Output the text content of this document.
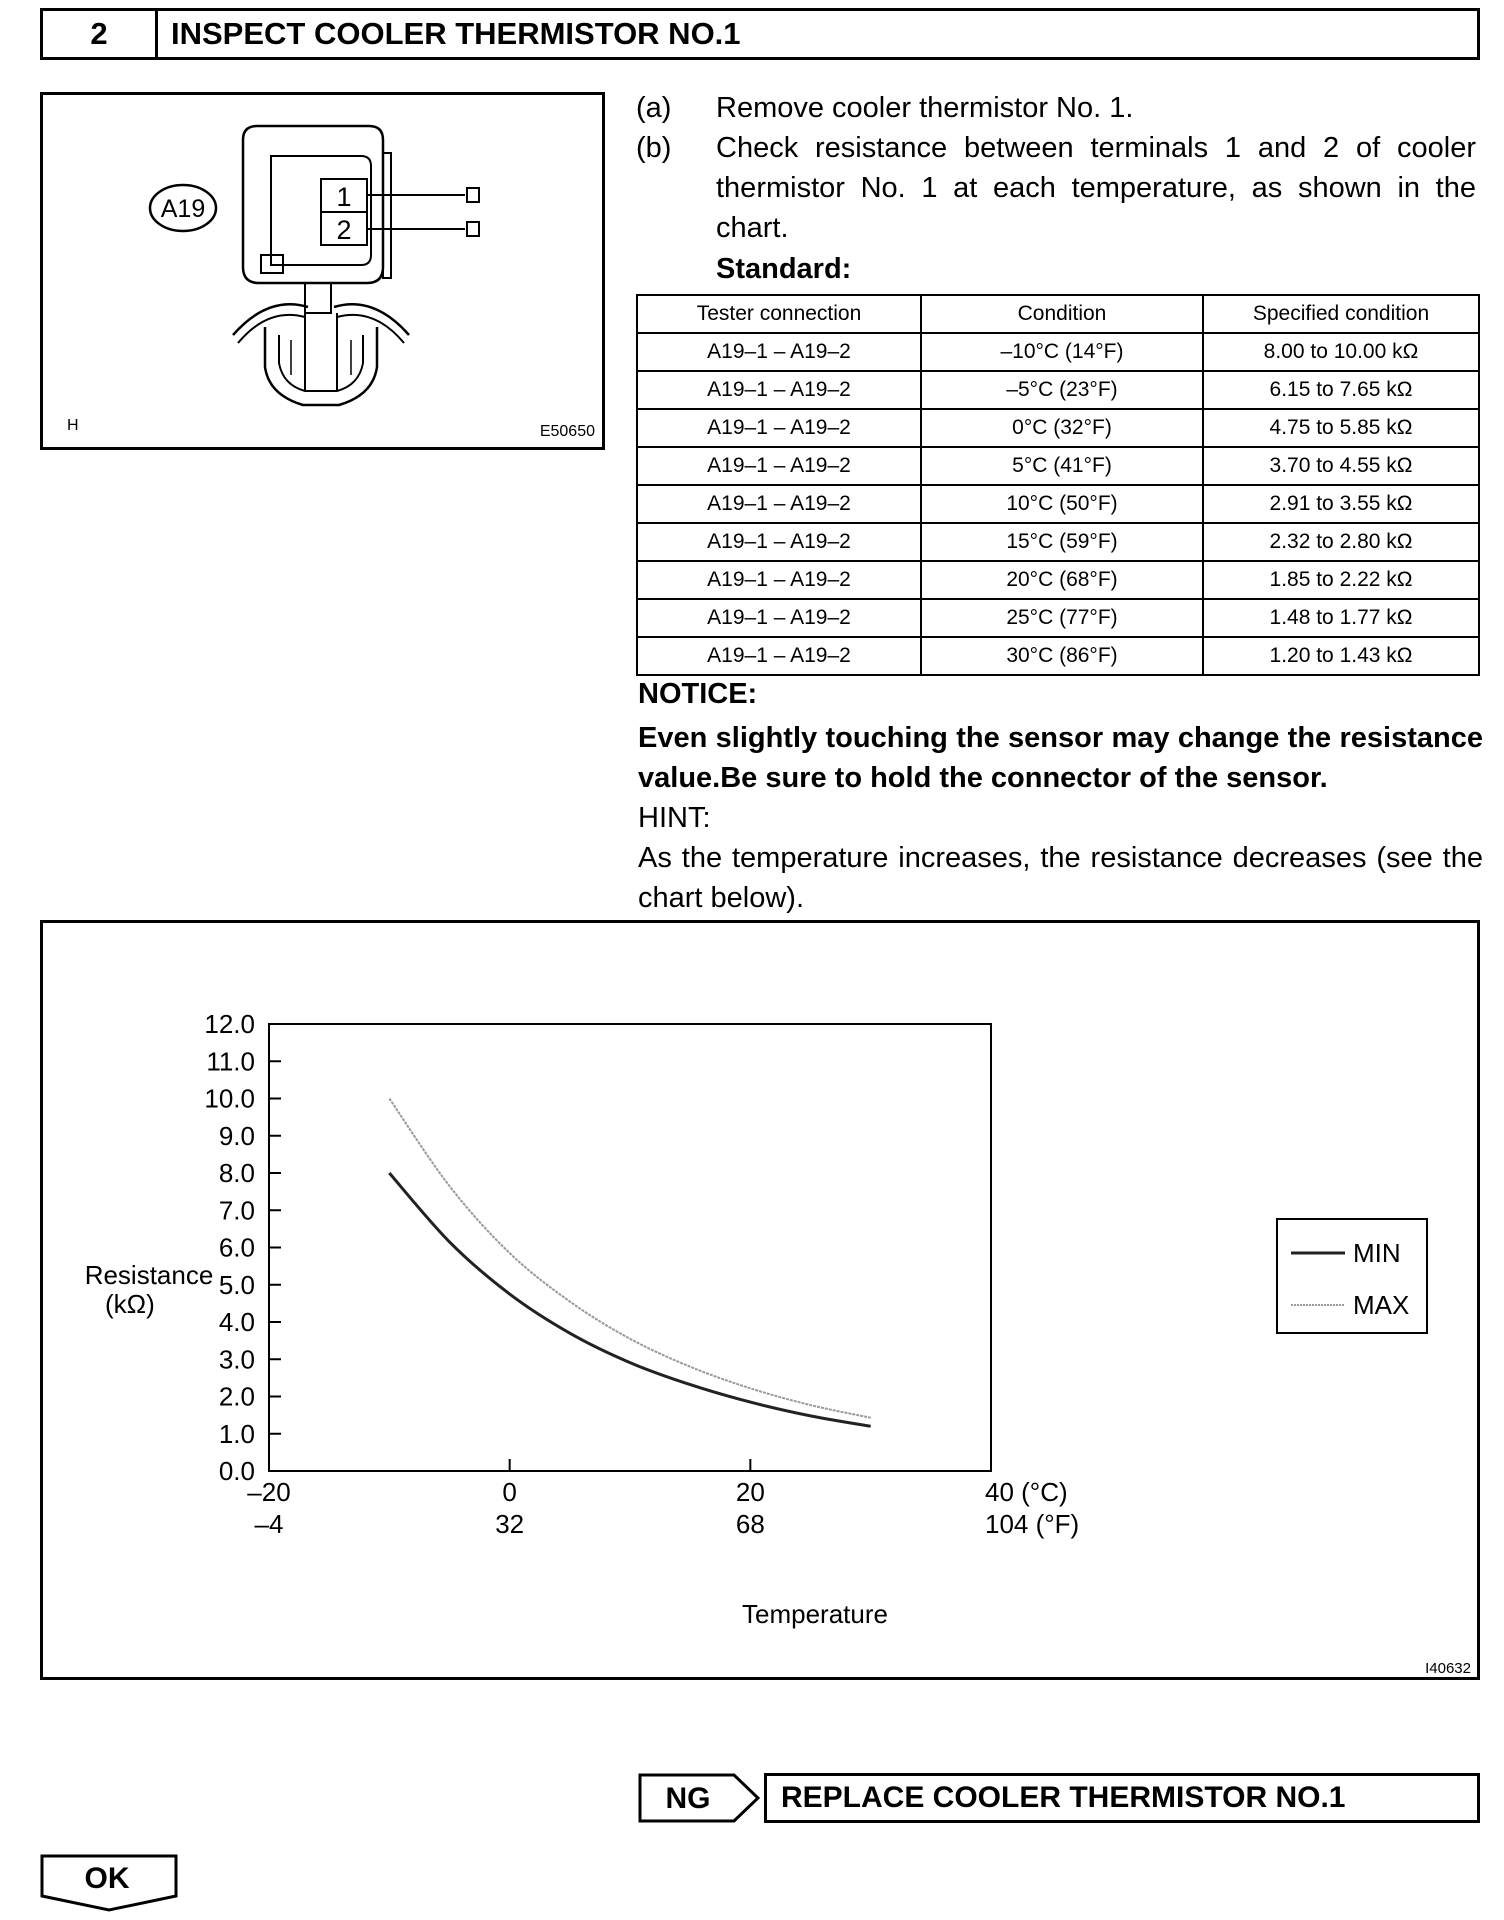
2	INSPECT COOLER THERMISTOR NO.1
A19	1
2
H	E50650
(a) Remove cooler thermistor No. 1.
(b) Check resistance between terminals 1 and 2 of cooler thermistor No. 1 at each temperature, as shown in the chart.
Standard:
Tester connection	Condition	Specified condition
A19–1 – A19–2	–10°C (14°F)	8.00 to 10.00 kΩ
A19–1 – A19–2	–5°C (23°F)	6.15 to 7.65 kΩ
A19–1 – A19–2	0°C (32°F)	4.75 to 5.85 kΩ
A19–1 – A19–2	5°C (41°F)	3.70 to 4.55 kΩ
A19–1 – A19–2	10°C (50°F)	2.91 to 3.55 kΩ
A19–1 – A19–2	15°C (59°F)	2.32 to 2.80 kΩ
A19–1 – A19–2	20°C (68°F)	1.85 to 2.22 kΩ
A19–1 – A19–2	25°C (77°F)	1.48 to 1.77 kΩ
A19–1 – A19–2	30°C (86°F)	1.20 to 1.43 kΩ
NOTICE:
Even slightly touching the sensor may change the resistance value.Be sure to hold the connector of the sensor.
HINT:
As the temperature increases, the resistance decreases (see the chart below).
0.0
1.0
2.0
3.0
4.0
5.0
6.0
7.0
8.0
9.0
10.0
11.0
12.0
–20
–4
0
32
20
68
40 (°C)
104 (°F)
Resistance
(kΩ)
Temperature
MIN
MAX
I40632
NG	REPLACE COOLER THERMISTOR NO.1
OK
